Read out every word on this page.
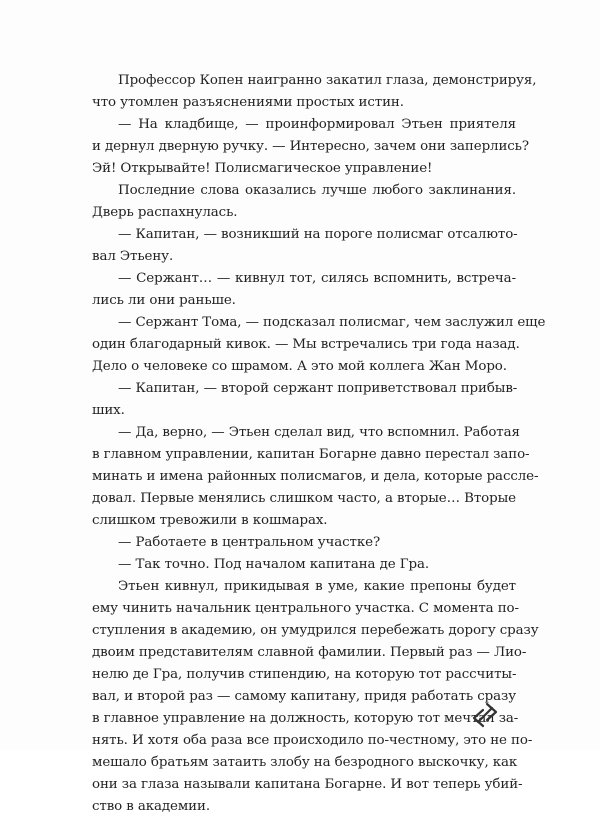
Профессор Копен наигранно закатил глаза, демонстрируя,
что утомлен разъяснениями простых истин.
— На кладбище, — проинформировал Этьен приятеля
и дернул дверную ручку. — Интересно, зачем они заперлись?
Эй! Открывайте! Полисмагическое управление!
Последние слова оказались лучше любого заклинания.
Дверь распахнулась.
— Капитан, — возникший на пороге полисмаг отсалюто-
вал Этьену.
— Сержант… — кивнул тот, силясь вспомнить, встреча-
лись ли они раньше.
— Сержант Тома, — подсказал полисмаг, чем заслужил еще
один благодарный кивок. — Мы встречались три года назад.
Дело о человеке со шрамом. А это мой коллега Жан Моро.
— Капитан, — второй сержант поприветствовал прибыв-
ших.
— Да, верно, — Этьен сделал вид, что вспомнил. Работая
в главном управлении, капитан Богарне давно перестал запо-
минать и имена районных полисмагов, и дела, которые рассле-
довал. Первые менялись слишком часто, а вторые… Вторые
слишком тревожили в кошмарах.
— Работаете в центральном участке?
— Так точно. Под началом капитана де Гра.
Этьен кивнул, прикидывая в уме, какие препоны будет
ему чинить начальник центрального участка. С момента по-
ступления в академию, он умудрился перебежать дорогу сразу
двоим представителям славной фамилии. Первый раз — Лио-
нелю де Гра, получив стипендию, на которую тот рассчиты-
вал, и второй раз — самому капитану, придя работать сразу
в главное управление на должность, которую тот мечтал за-
нять. И хотя оба раза все происходило по-честному, это не по-
мешало братьям затаить злобу на безродного выскочку, как
они за глаза называли капитана Богарне. И вот теперь убий-
ство в академии.
